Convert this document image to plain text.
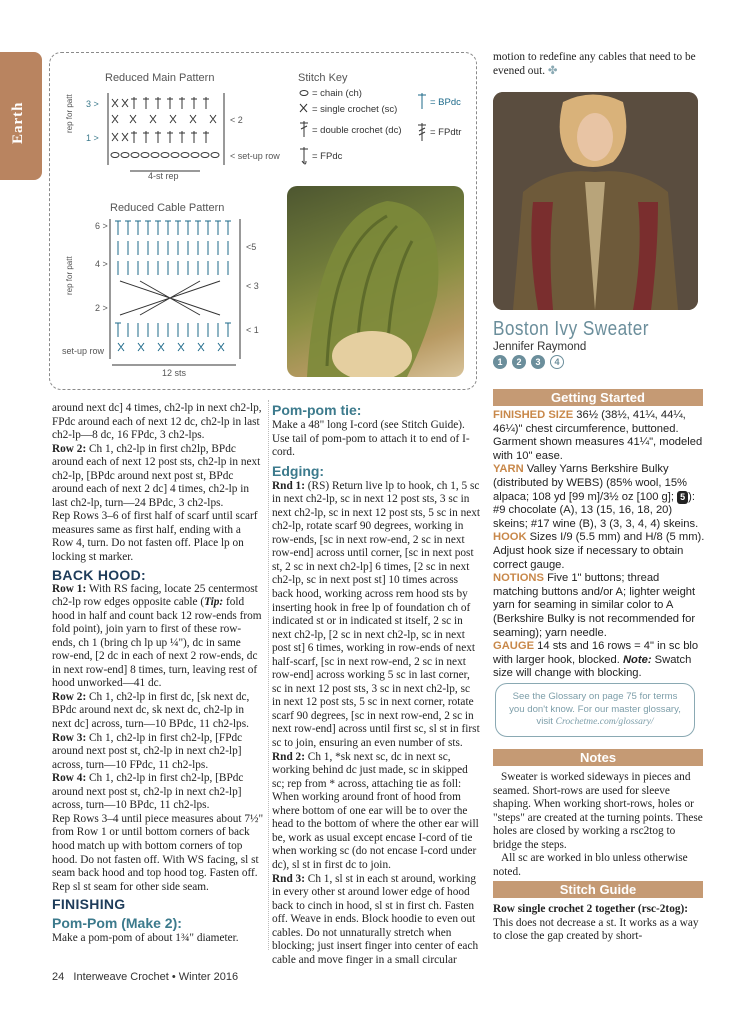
Earth
Reduced Main Pattern
Reduced Cable Pattern
Stitch Key
rep for patt
rep for patt
3 >
1 >
< 2
< set-up row
4-st rep
6 >
4 >
2 >
<5
< 3
< 1
set-up row
12 sts
= chain (ch)
= single crochet (sc)
= double crochet (dc)
= FPdc
= BPdc
= FPdtr

around next dc] 4 times, ch2-lp in next ch2-lp, FPdc around each of next 12 dc, ch2-lp in last ch2-lp—8 dc, 16 FPdc, 3 ch2-lps.

Row 2: Ch 1, ch2-lp in first ch2lp, BPdc around each of next 12 post sts, ch2-lp in next ch2-lp, [BPdc around next post st, BPdc around each of next 2 dc] 4 times, ch2-lp in last ch2-lp, turn—24 BPdc, 3 ch2-lps.

Rep Rows 3–6 of first half of scarf until scarf measures same as first half, ending with a Row 4, turn. Do not fasten off. Place lp on locking st marker.

BACK HOOD:

Row 1: With RS facing, locate 25 centermost ch2-lp row edges opposite cable (Tip: fold hood in half and count back 12 row-ends from fold point), join yarn to first of these row-ends, ch 1 (bring ch lp up ¼"), dc in same row-end, [2 dc in each of next 2 row-ends, dc in next row-end] 8 times, turn, leaving rest of hood unworked—41 dc.

Row 2: Ch 1, ch2-lp in first dc, [sk next dc, BPdc around next dc, sk next dc, ch2-lp in next dc] across, turn—10 BPdc, 11 ch2-lps.

Row 3: Ch 1, ch2-lp in first ch2-lp, [FPdc around next post st, ch2-lp in next ch2-lp] across, turn—10 FPdc, 11 ch2-lps.

Row 4: Ch 1, ch2-lp in first ch2-lp, [BPdc around next post st, ch2-lp in next ch2-lp] across, turn—10 BPdc, 11 ch2-lps.

Rep Rows 3–4 until piece measures about 7½" from Row 1 or until bottom corners of back hood match up with bottom corners of top hood. Do not fasten off. With WS facing, sl st seam back hood and top hood tog. Fasten off. Rep sl st seam for other side seam.

FINISHING
Pom-Pom (Make 2):

Make a pom-pom of about 1¾" diameter.

Pom-pom tie:

Make a 48" long I-cord (see Stitch Guide). Use tail of pom-pom to attach it to end of I-cord.

Edging:

Rnd 1: (RS) Return live lp to hook, ch 1, 5 sc in next ch2-lp, sc in next 12 post sts, 3 sc in next ch2-lp, sc in next 12 post sts, 5 sc in next ch2-lp, rotate scarf 90 degrees, working in row-ends, [sc in next row-end, 2 sc in next row-end] across until corner, [sc in next post st, 2 sc in next ch2-lp] 6 times, [2 sc in next ch2-lp, sc in next post st] 10 times across back hood, working across rem hood sts by inserting hook in free lp of foundation ch of indicated st or in indicated st itself, 2 sc in next ch2-lp, [2 sc in next ch2-lp, sc in next post st] 6 times, working in row-ends of next half-scarf, [sc in next row-end, 2 sc in next row-end] across working 5 sc in last corner, sc in next 12 post sts, 3 sc in next ch2-lp, sc in next 12 post sts, 5 sc in next corner, rotate scarf 90 degrees, [sc in next row-end, 2 sc in next row-end] across until first sc, sl st in first sc to join, ensuring an even number of sts.

Rnd 2: Ch 1, *sk next sc, dc in next sc, working behind dc just made, sc in skipped sc; rep from * across, attaching tie as foll: When working around front of hood from where bottom of one ear will be to over the head to the bottom of where the other ear will be, work as usual except encase I-cord of tie when working sc (do not encase I-cord under dc), sl st in first dc to join.

Rnd 3: Ch 1, sl st in each st around, working in every other st around lower edge of hood back to cinch in hood, sl st in first ch. Fasten off. Weave in ends. Block hoodie to even out cables. Do not unnaturally stretch when blocking; just insert finger into center of each cable and move finger in a small circular

motion to redefine any cables that need to be evened out. ✤
Boston Ivy Sweater
Jennifer Raymond
1	2	3	4
Getting Started

FINISHED SIZE 36½ (38½, 41¼, 44¼, 46¼)" chest circumference, buttoned. Garment shown measures 41¼", modeled with 10" ease.

YARN Valley Yarns Berkshire Bulky (distributed by WEBS) (85% wool, 15% alpaca; 108 yd [99 m]/3½ oz [100 g]; 5 ): #9 chocolate (A), 13 (15, 16, 18, 20) skeins; #17 wine (B), 3 (3, 3, 4, 4) skeins.

HOOK Sizes I/9 (5.5 mm) and H/8 (5 mm). Adjust hook size if necessary to obtain correct gauge.

NOTIONS Five 1" buttons; thread matching buttons and/or A; lighter weight yarn for seaming in similar color to A (Berkshire Bulky is not recommended for seaming); yarn needle.

GAUGE 14 sts and 16 rows = 4" in sc blo with larger hook, blocked. Note: Swatch size will change with blocking.

See the Glossary on page 75 for terms
you don't know. For our master glossary,
visit Crochetme.com/glossary/
Notes

Sweater is worked sideways in pieces and seamed. Short-rows are used for sleeve shaping. When working short-rows, holes or "steps" are created at the turning points. These holes are closed by working a rsc2tog to bridge the steps.

All sc are worked in blo unless otherwise noted.

Stitch Guide

Row single crochet 2 together (rsc-2tog): This does not decrease a st. It works as a way to close the gap created by short-

24 Interweave Crochet • Winter 2016
